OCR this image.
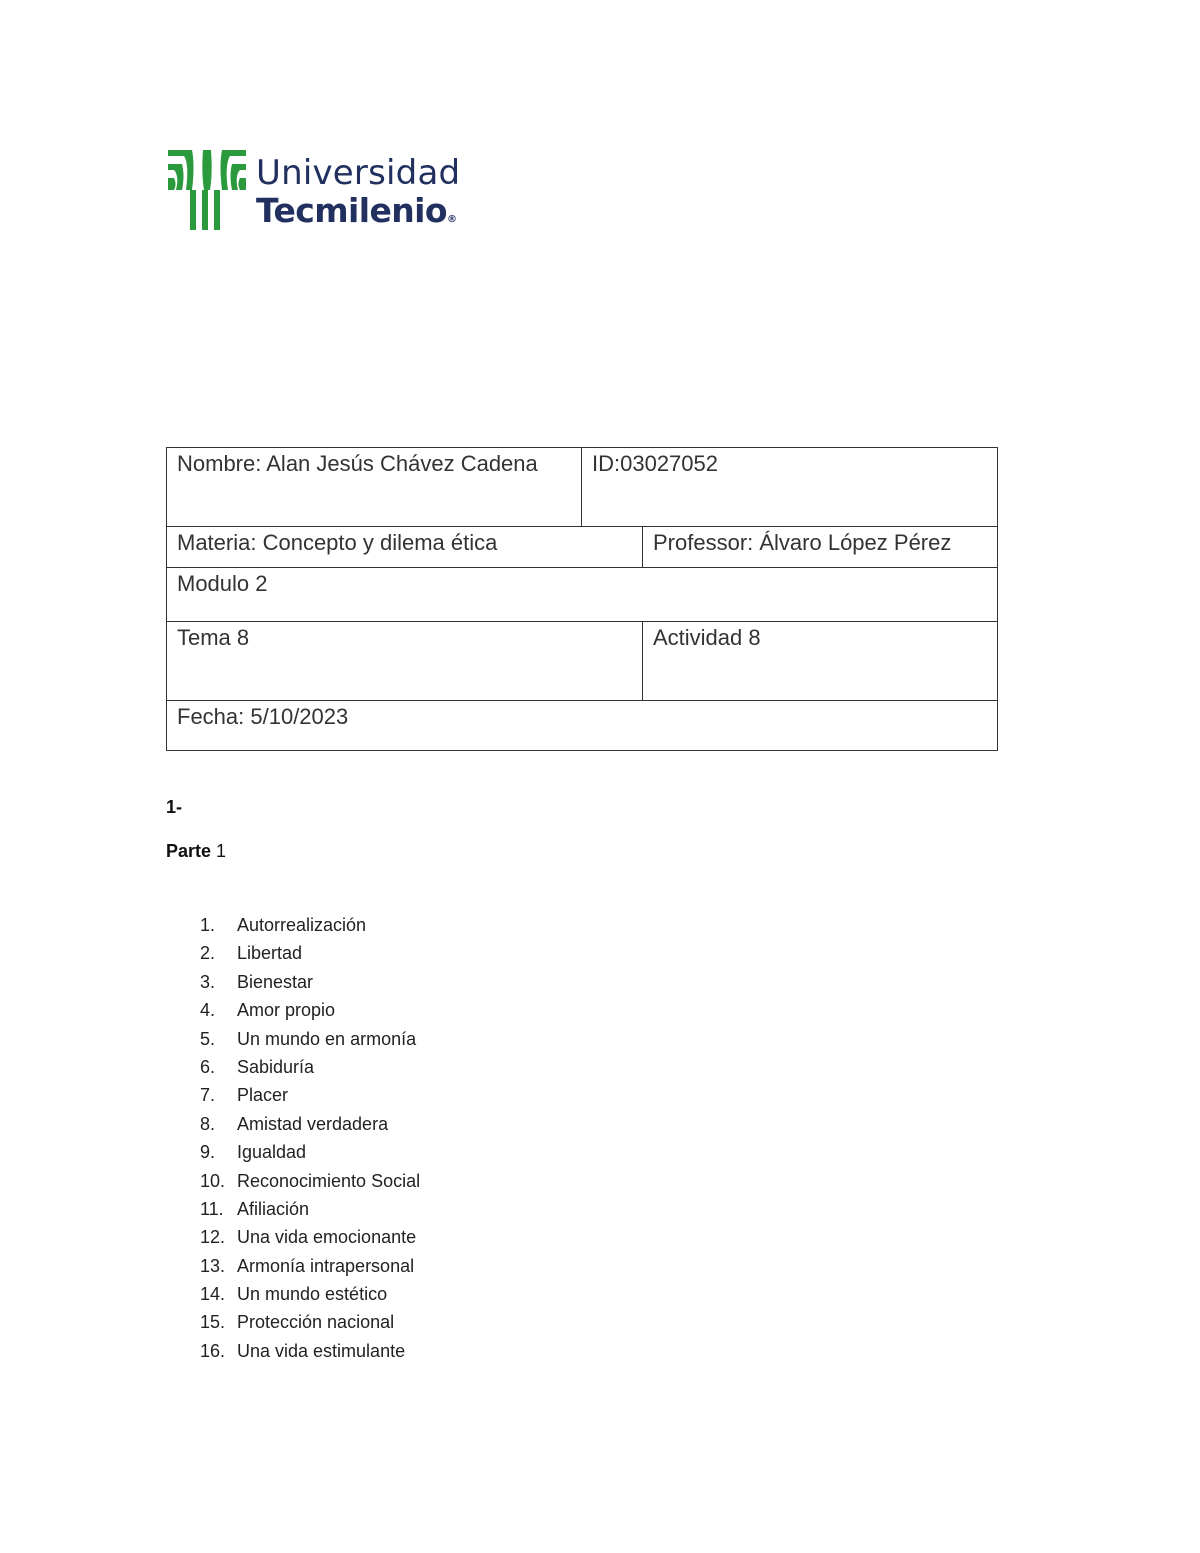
Universidad
Tecmilenio®
Nombre: Alan Jesús Chávez Cadena	ID:03027052
Materia: Concepto y dilema ética	Professor: Álvaro López Pérez
Modulo 2
Tema 8	Actividad 8
Fecha: 5/10/2023
1-
Parte 1
1.	Autorrealización
2.	Libertad
3.	Bienestar
4.	Amor propio
5.	Un mundo en armonía
6.	Sabiduría
7.	Placer
8.	Amistad verdadera
9.	Igualdad
10. Reconocimiento Social
11. Afiliación
12. Una vida emocionante
13. Armonía intrapersonal
14. Un mundo estético
15. Protección nacional
16. Una vida estimulante
